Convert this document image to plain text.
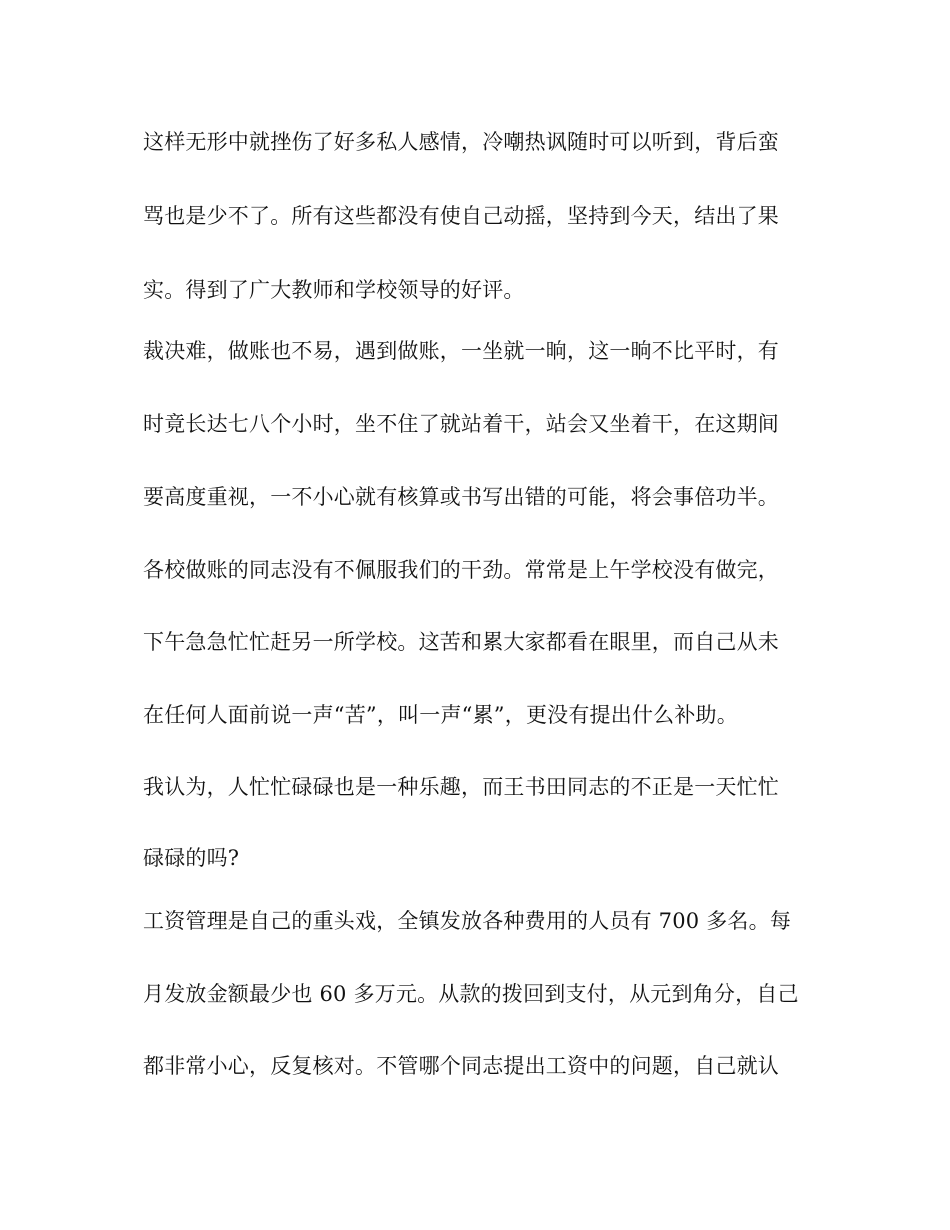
这样无形中就挫伤了好多私人感情，冷嘲热讽随时可以听到，背后蛮
骂也是少不了。所有这些都没有使自己动摇，坚持到今天，结出了果
实。得到了广大教师和学校领导的好评。
裁决难，做账也不易，遇到做账，一坐就一晌，这一晌不比平时，有
时竟长达七八个小时，坐不住了就站着干，站会又坐着干，在这期间
要高度重视，一不小心就有核算或书写出错的可能，将会事倍功半。
各校做账的同志没有不佩服我们的干劲。常常是上午学校没有做完，
下午急急忙忙赶另一所学校。这苦和累大家都看在眼里，而自己从未
在任何人面前说一声“苦”，叫一声“累”，更没有提出什么补助。
我认为，人忙忙碌碌也是一种乐趣，而王书田同志的不正是一天忙忙
碌碌的吗?
工资管理是自己的重头戏，全镇发放各种费用的人员有 700 多名。每
月发放金额最少也 60 多万元。从款的拨回到支付，从元到角分，自己
都非常小心，反复核对。不管哪个同志提出工资中的问题，自己就认
